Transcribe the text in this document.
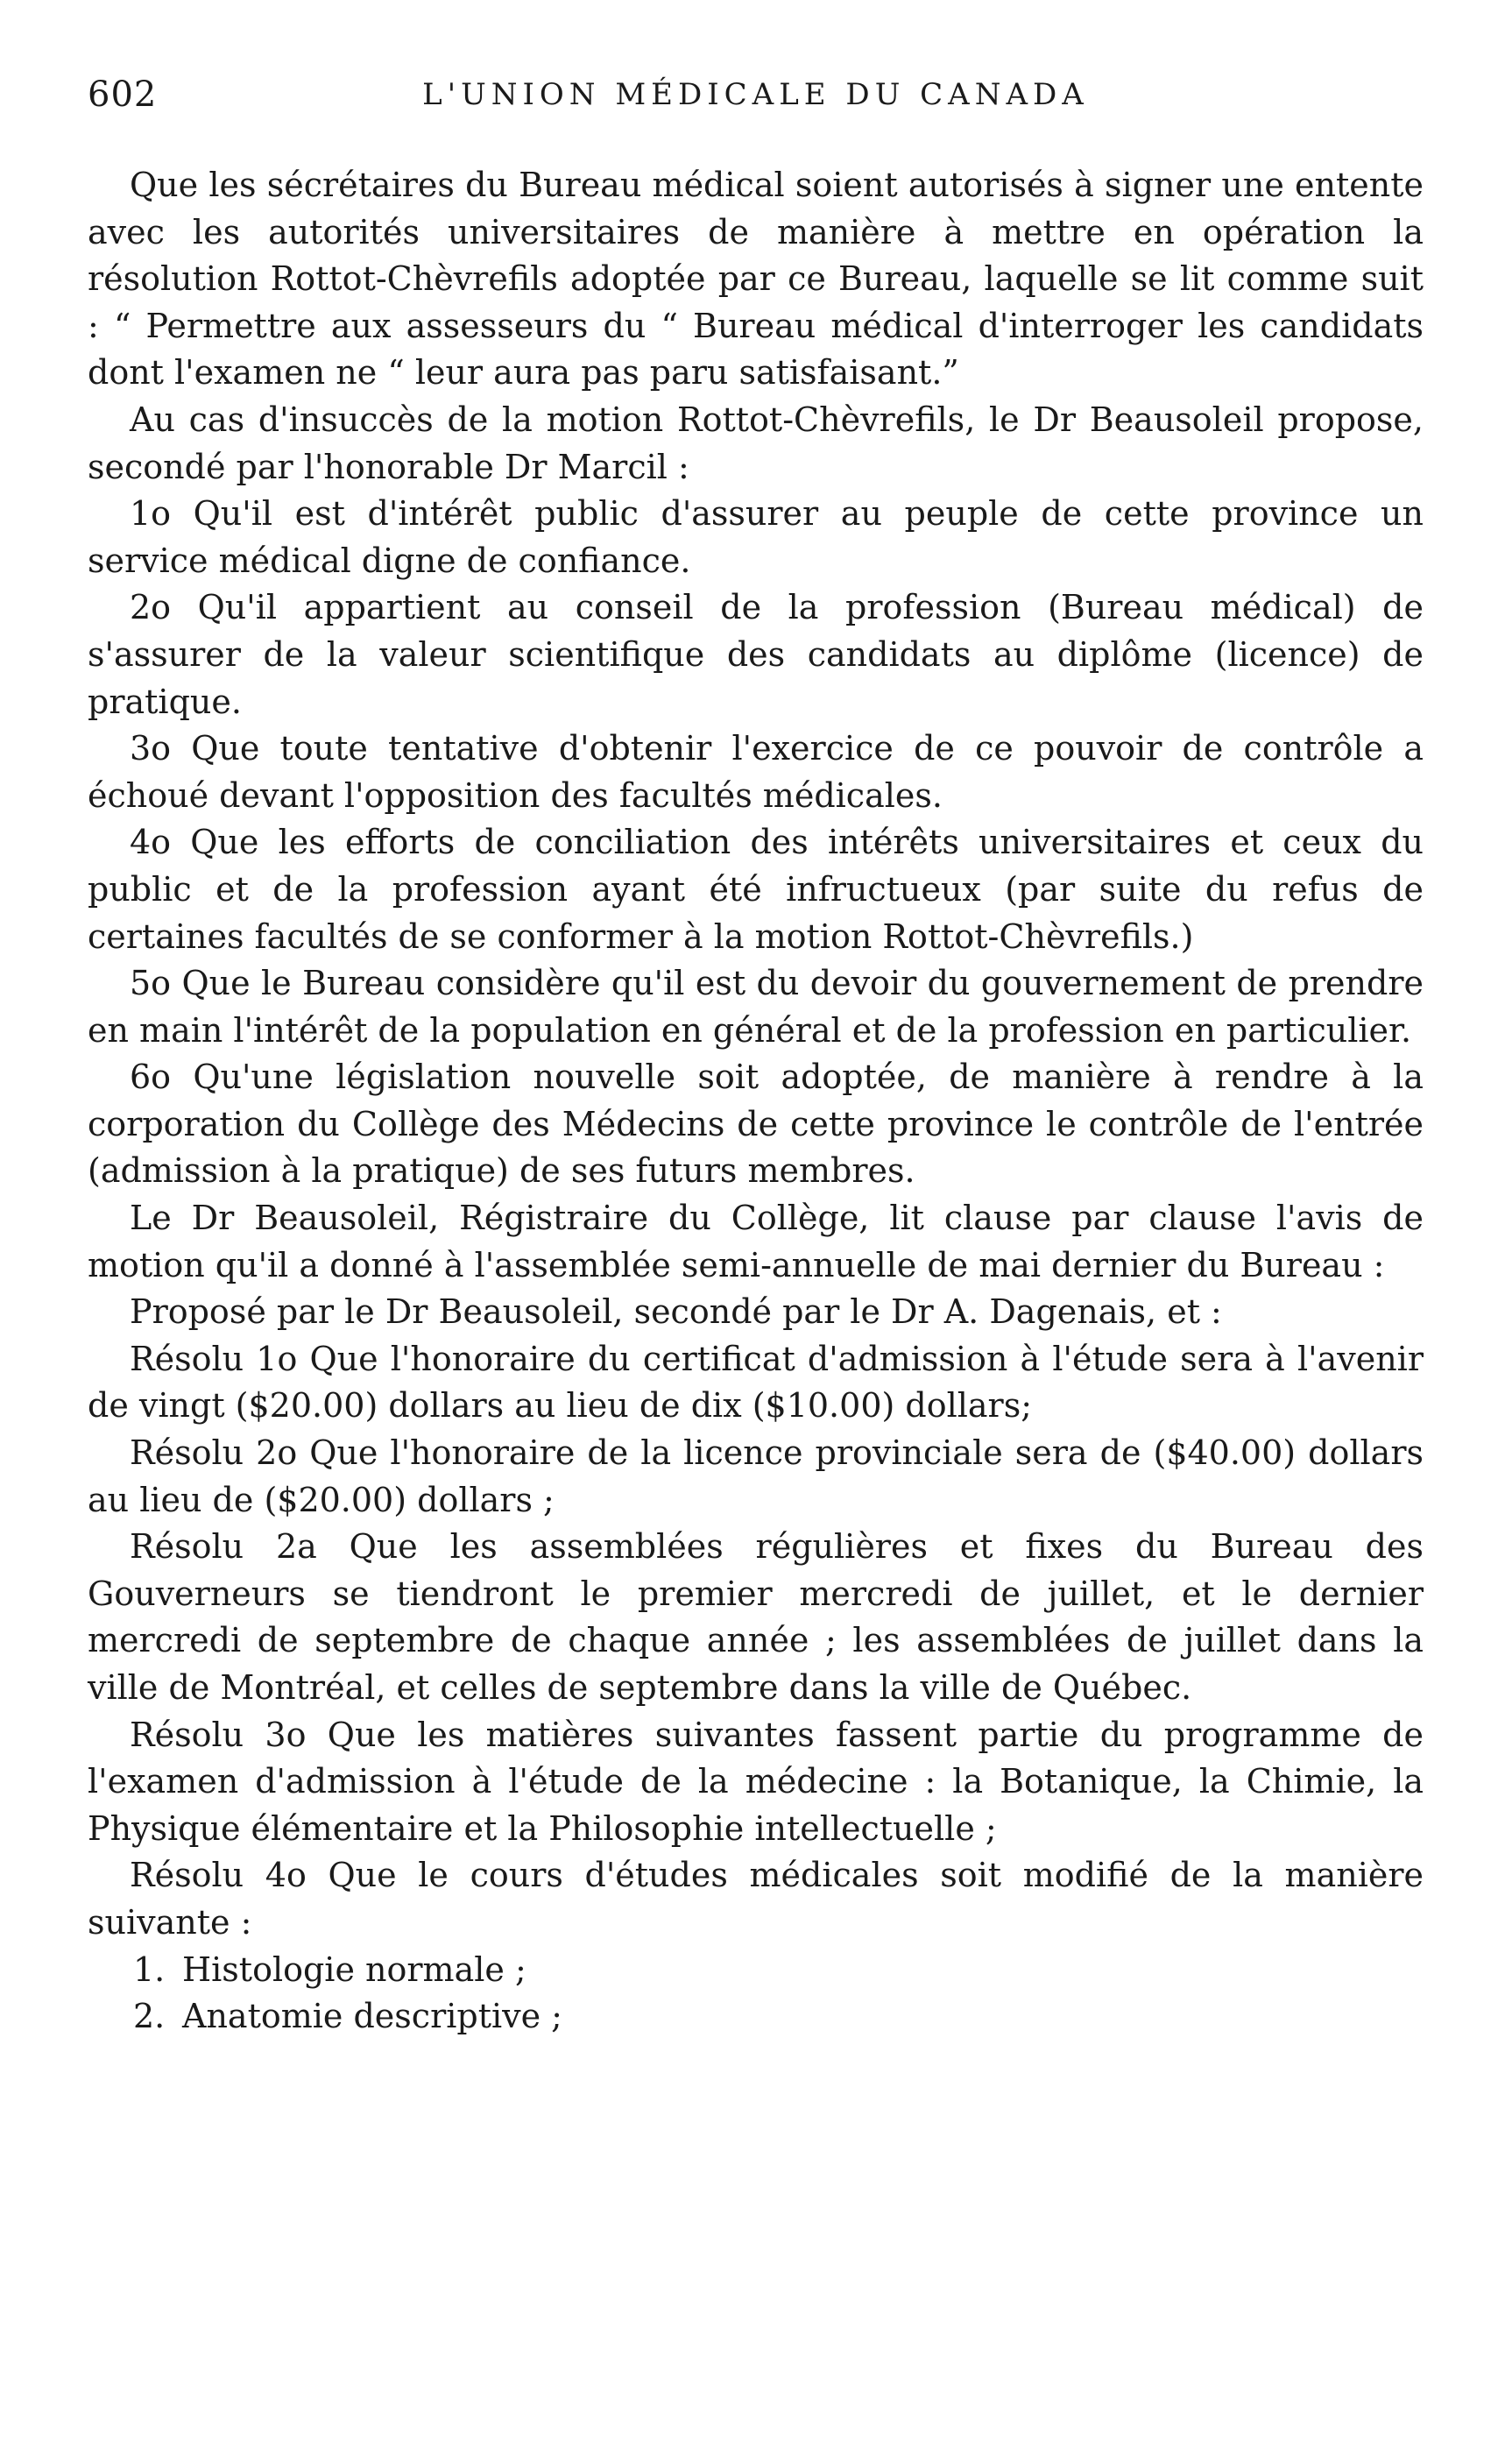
602	L'UNION MÉDICALE DU CANADA

Que les sécrétaires du Bureau médical soient autorisés à signer une entente avec les autorités universitaires de manière à mettre en opération la résolution Rottot-Chèvrefils adoptée par ce Bureau, laquelle se lit comme suit : “ Permettre aux assesseurs du “ Bureau médical d'interroger les candidats dont l'examen ne “ leur aura pas paru satisfaisant.”

Au cas d'insuccès de la motion Rottot-Chèvrefils, le Dr Beausoleil propose, secondé par l'honorable Dr Marcil :

1o Qu'il est d'intérêt public d'assurer au peuple de cette province un service médical digne de confiance.

2o Qu'il appartient au conseil de la profession (Bureau médical) de s'assurer de la valeur scientifique des candidats au diplôme (licence) de pratique.

3o Que toute tentative d'obtenir l'exercice de ce pouvoir de contrôle a échoué devant l'opposition des facultés médicales.

4o Que les efforts de conciliation des intérêts universitaires et ceux du public et de la profession ayant été infructueux (par suite du refus de certaines facultés de se conformer à la motion Rottot-Chèvrefils.)

5o Que le Bureau considère qu'il est du devoir du gouvernement de prendre en main l'intérêt de la population en général et de la profession en particulier.

6o Qu'une législation nouvelle soit adoptée, de manière à rendre à la corporation du Collège des Médecins de cette province le contrôle de l'entrée (admission à la pratique) de ses futurs membres.

Le Dr Beausoleil, Régistraire du Collège, lit clause par clause l'avis de motion qu'il a donné à l'assemblée semi-annuelle de mai dernier du Bureau :

Proposé par le Dr Beausoleil, secondé par le Dr A. Dagenais, et :

Résolu 1o Que l'honoraire du certificat d'admission à l'étude sera à l'avenir de vingt ($20.00) dollars au lieu de dix ($10.00) dollars;

Résolu 2o Que l'honoraire de la licence provinciale sera de ($40.00) dollars au lieu de ($20.00) dollars ;

Résolu 2a Que les assemblées régulières et fixes du Bureau des Gouverneurs se tiendront le premier mercredi de juillet, et le dernier mercredi de septembre de chaque année ; les assemblées de juillet dans la ville de Montréal, et celles de septembre dans la ville de Québec.

Résolu 3o Que les matières suivantes fassent partie du programme de l'examen d'admission à l'étude de la médecine : la Botanique, la Chimie, la Physique élémentaire et la Philosophie intellectuelle ;

Résolu 4o Que le cours d'études médicales soit modifié de la manière suivante :

1. Histologie normale ;
2. Anatomie descriptive ;
